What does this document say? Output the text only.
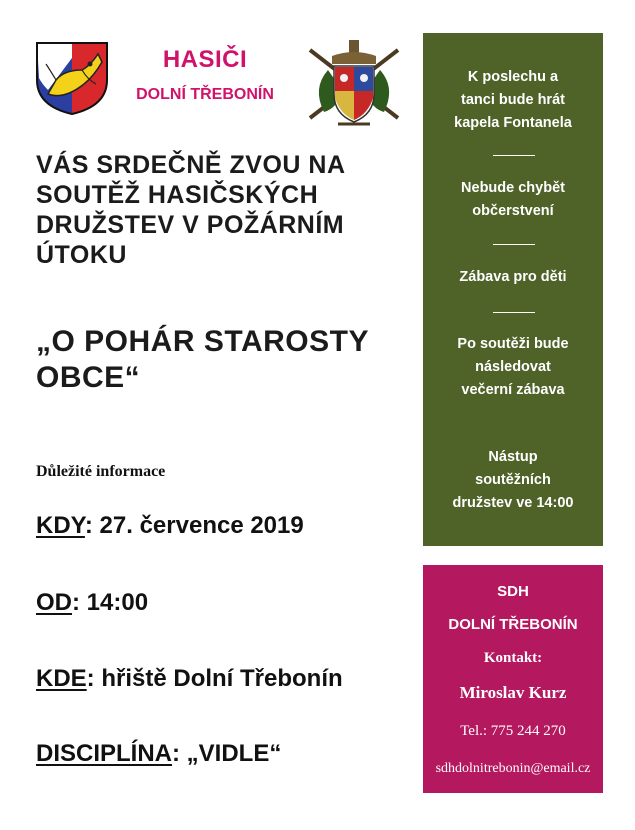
HASIČI
DOLNÍ TŘEBONÍN
VÁS SRDEČNĚ ZVOU NA
SOUTĚŽ HASIČSKÝCH
DRUŽSTEV V POŽÁRNÍM
ÚTOKU
„O POHÁR STAROSTY
OBCE“
Důležité informace
KDY: 27. července 2019
OD: 14:00
KDE: hřiště Dolní Třebonín
DISCIPLÍNA: „VIDLE“
K poslechu a
tanci bude hrát
kapela Fontanela
Nebude chybět
občerstvení
Zábava pro děti
Po soutěži bude
následovat
večerní zábava
Nástup
soutěžních
družstev ve 14:00
SDH
DOLNÍ TŘEBONÍN
Kontakt:
Miroslav Kurz
Tel.: 775 244 270
sdhdolnitrebonin@email.cz
